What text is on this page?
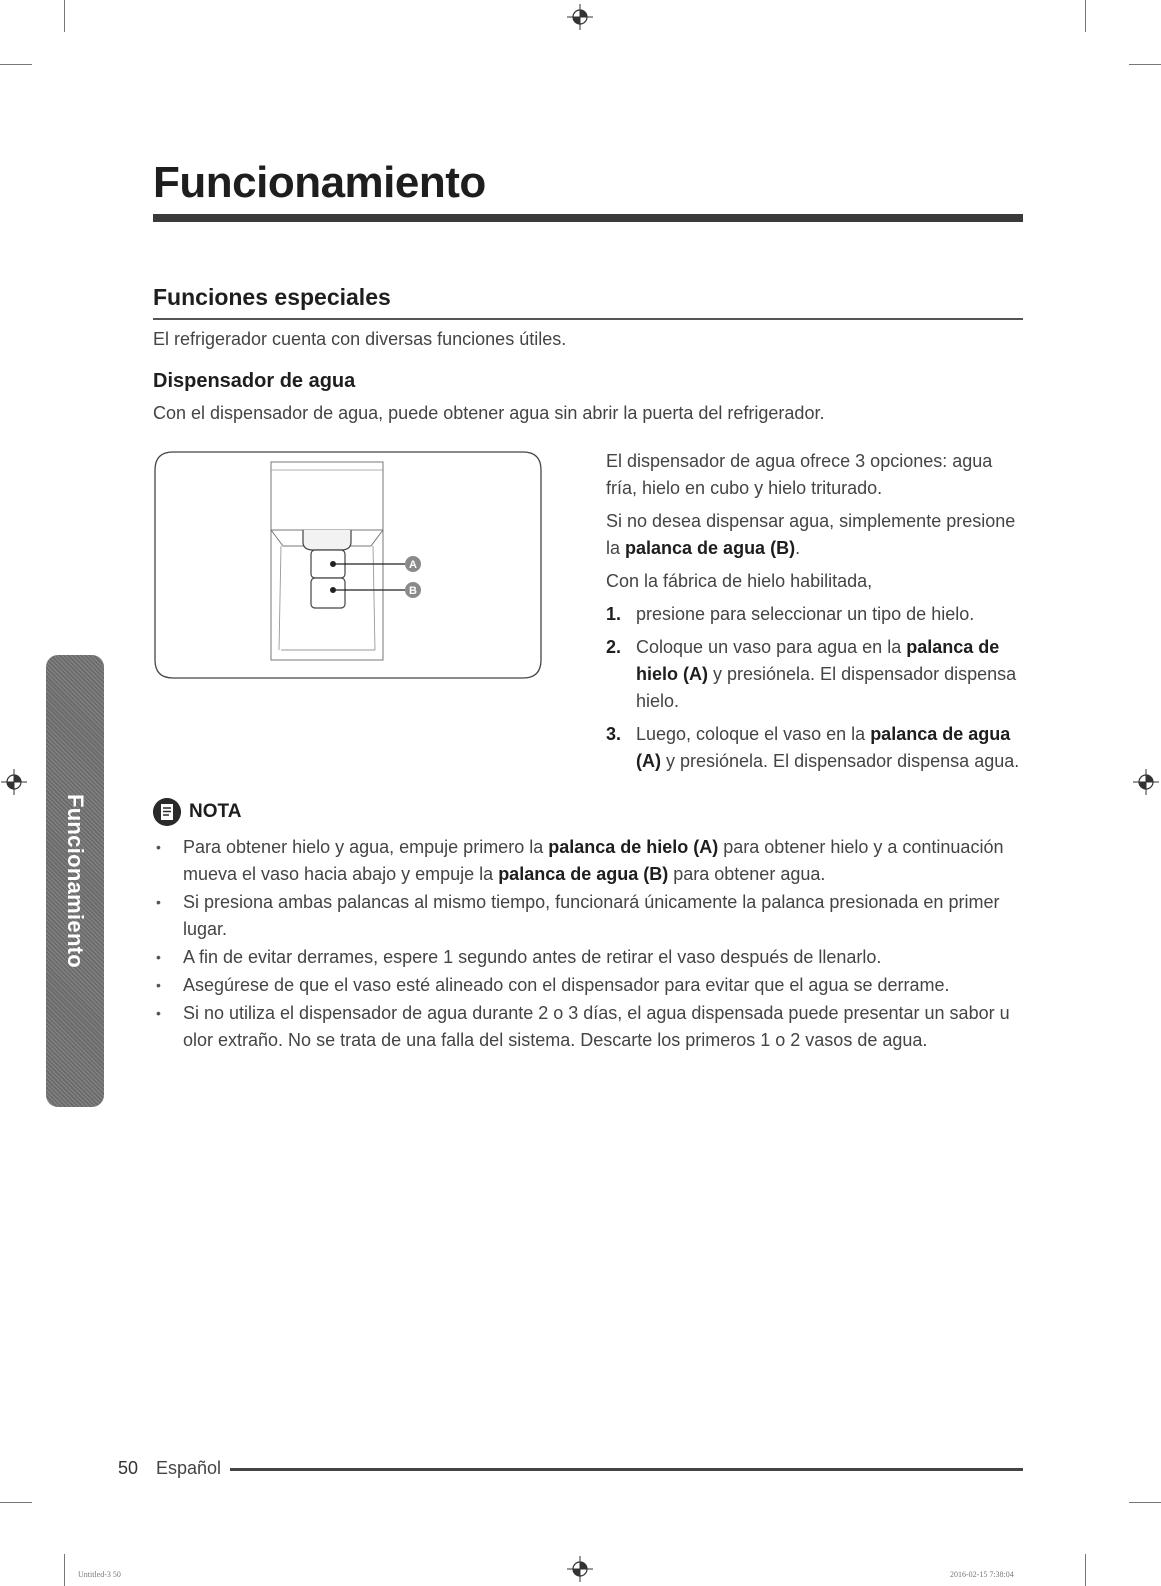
Funcionamiento
Funciones especiales
El refrigerador cuenta con diversas funciones útiles.
Dispensador de agua
Con el dispensador de agua, puede obtener agua sin abrir la puerta del refrigerador.
A
B

El dispensador de agua ofrece 3 opciones: agua fría, hielo en cubo y hielo triturado.

Si no desea dispensar agua, simplemente presione la palanca de agua (B).

Con la fábrica de hielo habilitada,

1. presione para seleccionar un tipo de hielo.
2. Coloque un vaso para agua en la palanca de hielo (A) y presiónela. El dispensador dispensa hielo.
3. Luego, coloque el vaso en la palanca de agua (A) y presiónela. El dispensador dispensa agua.
NOTA
• Para obtener hielo y agua, empuje primero la palanca de hielo (A) para obtener hielo y a continuación mueva el vaso hacia abajo y empuje la palanca de agua (B) para obtener agua.
• Si presiona ambas palancas al mismo tiempo, funcionará únicamente la palanca presionada en primer lugar.
• A fin de evitar derrames, espere 1 segundo antes de retirar el vaso después de llenarlo.
• Asegúrese de que el vaso esté alineado con el dispensador para evitar que el agua se derrame.
• Si no utiliza el dispensador de agua durante 2 o 3 días, el agua dispensada puede presentar un sabor u olor extraño. No se trata de una falla del sistema. Descarte los primeros 1 o 2 vasos de agua.
Funcionamiento
50 Español
Untitled-3 50	2016-02-15 7:38:04
